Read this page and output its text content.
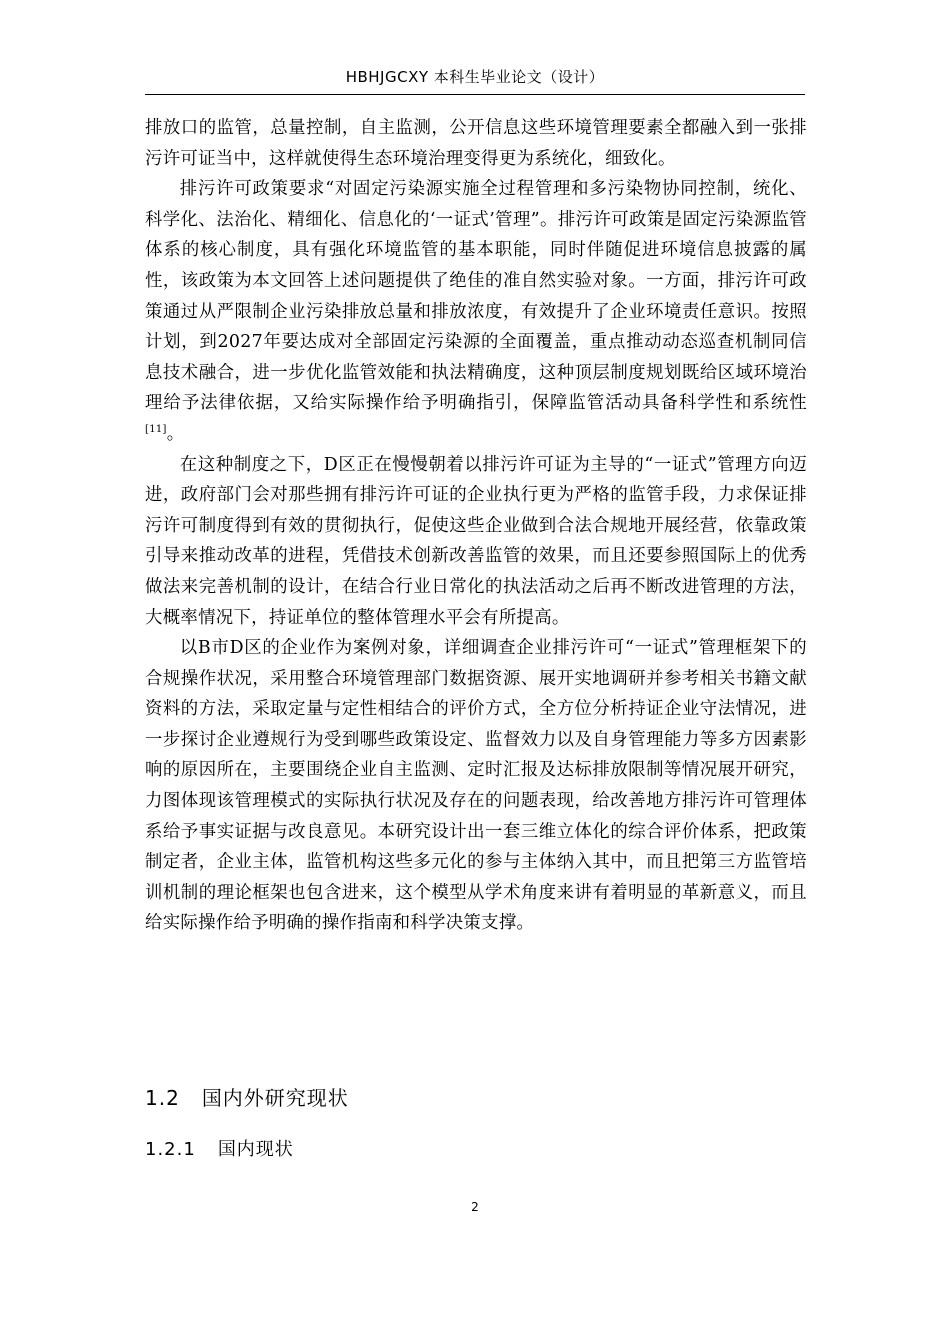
HBHJGCXY 本科生毕业论文（设计）

排放口的监管，总量控制，自主监测，公开信息这些环境管理要素全都融入到一张排污许可证当中，这样就使得生态环境治理变得更为系统化，细致化。

排污许可政策要求“对固定污染源实施全过程管理和多污染物协同控制，统化、科学化、法治化、精细化、信息化的‘一证式’管理”。排污许可政策是固定污染源监管体系的核心制度，具有强化环境监管的基本职能，同时伴随促进环境信息披露的属性，该政策为本文回答上述问题提供了绝佳的准自然实验对象。一方面，排污许可政策通过从严限制企业污染排放总量和排放浓度，有效提升了企业环境责任意识。按照计划，到2027年要达成对全部固定污染源的全面覆盖，重点推动动态巡查机制同信息技术融合，进一步优化监管效能和执法精确度，这种顶层制度规划既给区域环境治理给予法律依据，又给实际操作给予明确指引，保障监管活动具备科学性和系统性[11]。

在这种制度之下，D区正在慢慢朝着以排污许可证为主导的“一证式”管理方向迈进，政府部门会对那些拥有排污许可证的企业执行更为严格的监管手段，力求保证排污许可制度得到有效的贯彻执行，促使这些企业做到合法合规地开展经营，依靠政策引导来推动改革的进程，凭借技术创新改善监管的效果，而且还要参照国际上的优秀做法来完善机制的设计，在结合行业日常化的执法活动之后再不断改进管理的方法，大概率情况下，持证单位的整体管理水平会有所提高。

以B市D区的企业作为案例对象，详细调查企业排污许可“一证式”管理框架下的合规操作状况，采用整合环境管理部门数据资源、展开实地调研并参考相关书籍文献资料的方法，采取定量与定性相结合的评价方式，全方位分析持证企业守法情况，进一步探讨企业遵规行为受到哪些政策设定、监督效力以及自身管理能力等多方因素影响的原因所在，主要围绕企业自主监测、定时汇报及达标排放限制等情况展开研究，力图体现该管理模式的实际执行状况及存在的问题表现，给改善地方排污许可管理体系给予事实证据与改良意见。本研究设计出一套三维立体化的综合评价体系，把政策制定者，企业主体，监管机构这些多元化的参与主体纳入其中，而且把第三方监管培训机制的理论框架也包含进来，这个模型从学术角度来讲有着明显的革新意义，而且给实际操作给予明确的操作指南和科学决策支撑。

1.2 国内外研究现状
1.2.1 国内现状
2
